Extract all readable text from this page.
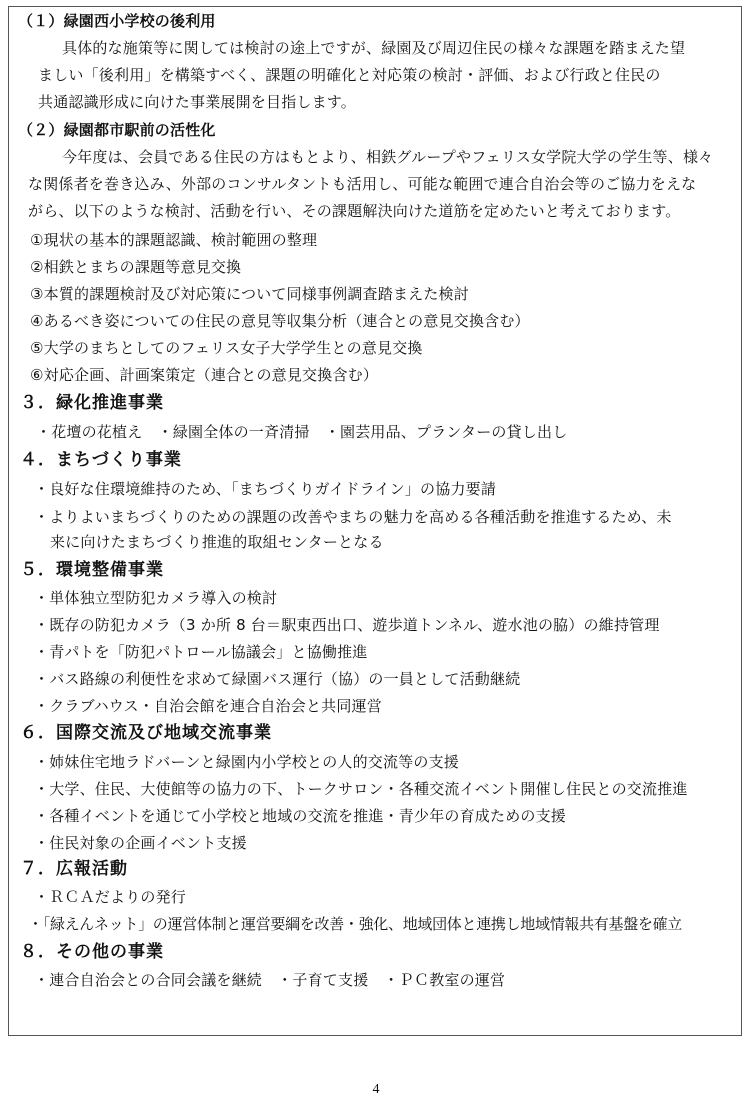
（１）緑園西小学校の後利用
具体的な施策等に関しては検討の途上ですが、緑園及び周辺住民の様々な課題を踏まえた望
ましい「後利用」を構築すべく、課題の明確化と対応策の検討・評価、および行政と住民の
共通認識形成に向けた事業展開を目指します。
（２）緑園都市駅前の活性化
今年度は、会員である住民の方はもとより、相鉄グループやフェリス女学院大学の学生等、様々
な関係者を巻き込み、外部のコンサルタントも活用し、可能な範囲で連合自治会等のご協力をえな
がら、以下のような検討、活動を行い、その課題解決向けた道筋を定めたいと考えております。
①現状の基本的課題認識、検討範囲の整理
②相鉄とまちの課題等意見交換
③本質的課題検討及び対応策について同様事例調査踏まえた検討
④あるべき姿についての住民の意見等収集分析（連合との意見交換含む）
⑤大学のまちとしてのフェリス女子大学学生との意見交換
⑥対応企画、計画案策定（連合との意見交換含む）
３．緑化推進事業
・花壇の花植え　・緑園全体の一斉清掃　・園芸用品、プランターの貸し出し
４．まちづくり事業
・良好な住環境維持のため、「まちづくりガイドライン」の協力要請
・よりよいまちづくりのための課題の改善やまちの魅力を高める各種活動を推進するため、未
来に向けたまちづくり推進的取組センターとなる
５．環境整備事業
・単体独立型防犯カメラ導入の検討
・既存の防犯カメラ（3 か所 8 台＝駅東西出口、遊歩道トンネル、遊水池の脇）の維持管理
・青パトを「防犯パトロール協議会」と協働推進
・バス路線の利便性を求めて緑園バス運行（協）の一員として活動継続
・クラブハウス・自治会館を連合自治会と共同運営
６．国際交流及び地域交流事業
・姉妹住宅地ラドバーンと緑園内小学校との人的交流等の支援
・大学、住民、大使館等の協力の下、トークサロン・各種交流イベント開催し住民との交流推進
・各種イベントを通じて小学校と地域の交流を推進・青少年の育成ための支援
・住民対象の企画イベント支援
７．広報活動
・ＲＣＡだよりの発行
・「緑えんネット」の運営体制と運営要綱を改善・強化、地域団体と連携し地域情報共有基盤を確立
８．その他の事業
・連合自治会との合同会議を継続　・子育て支援　・ＰＣ教室の運営
4
